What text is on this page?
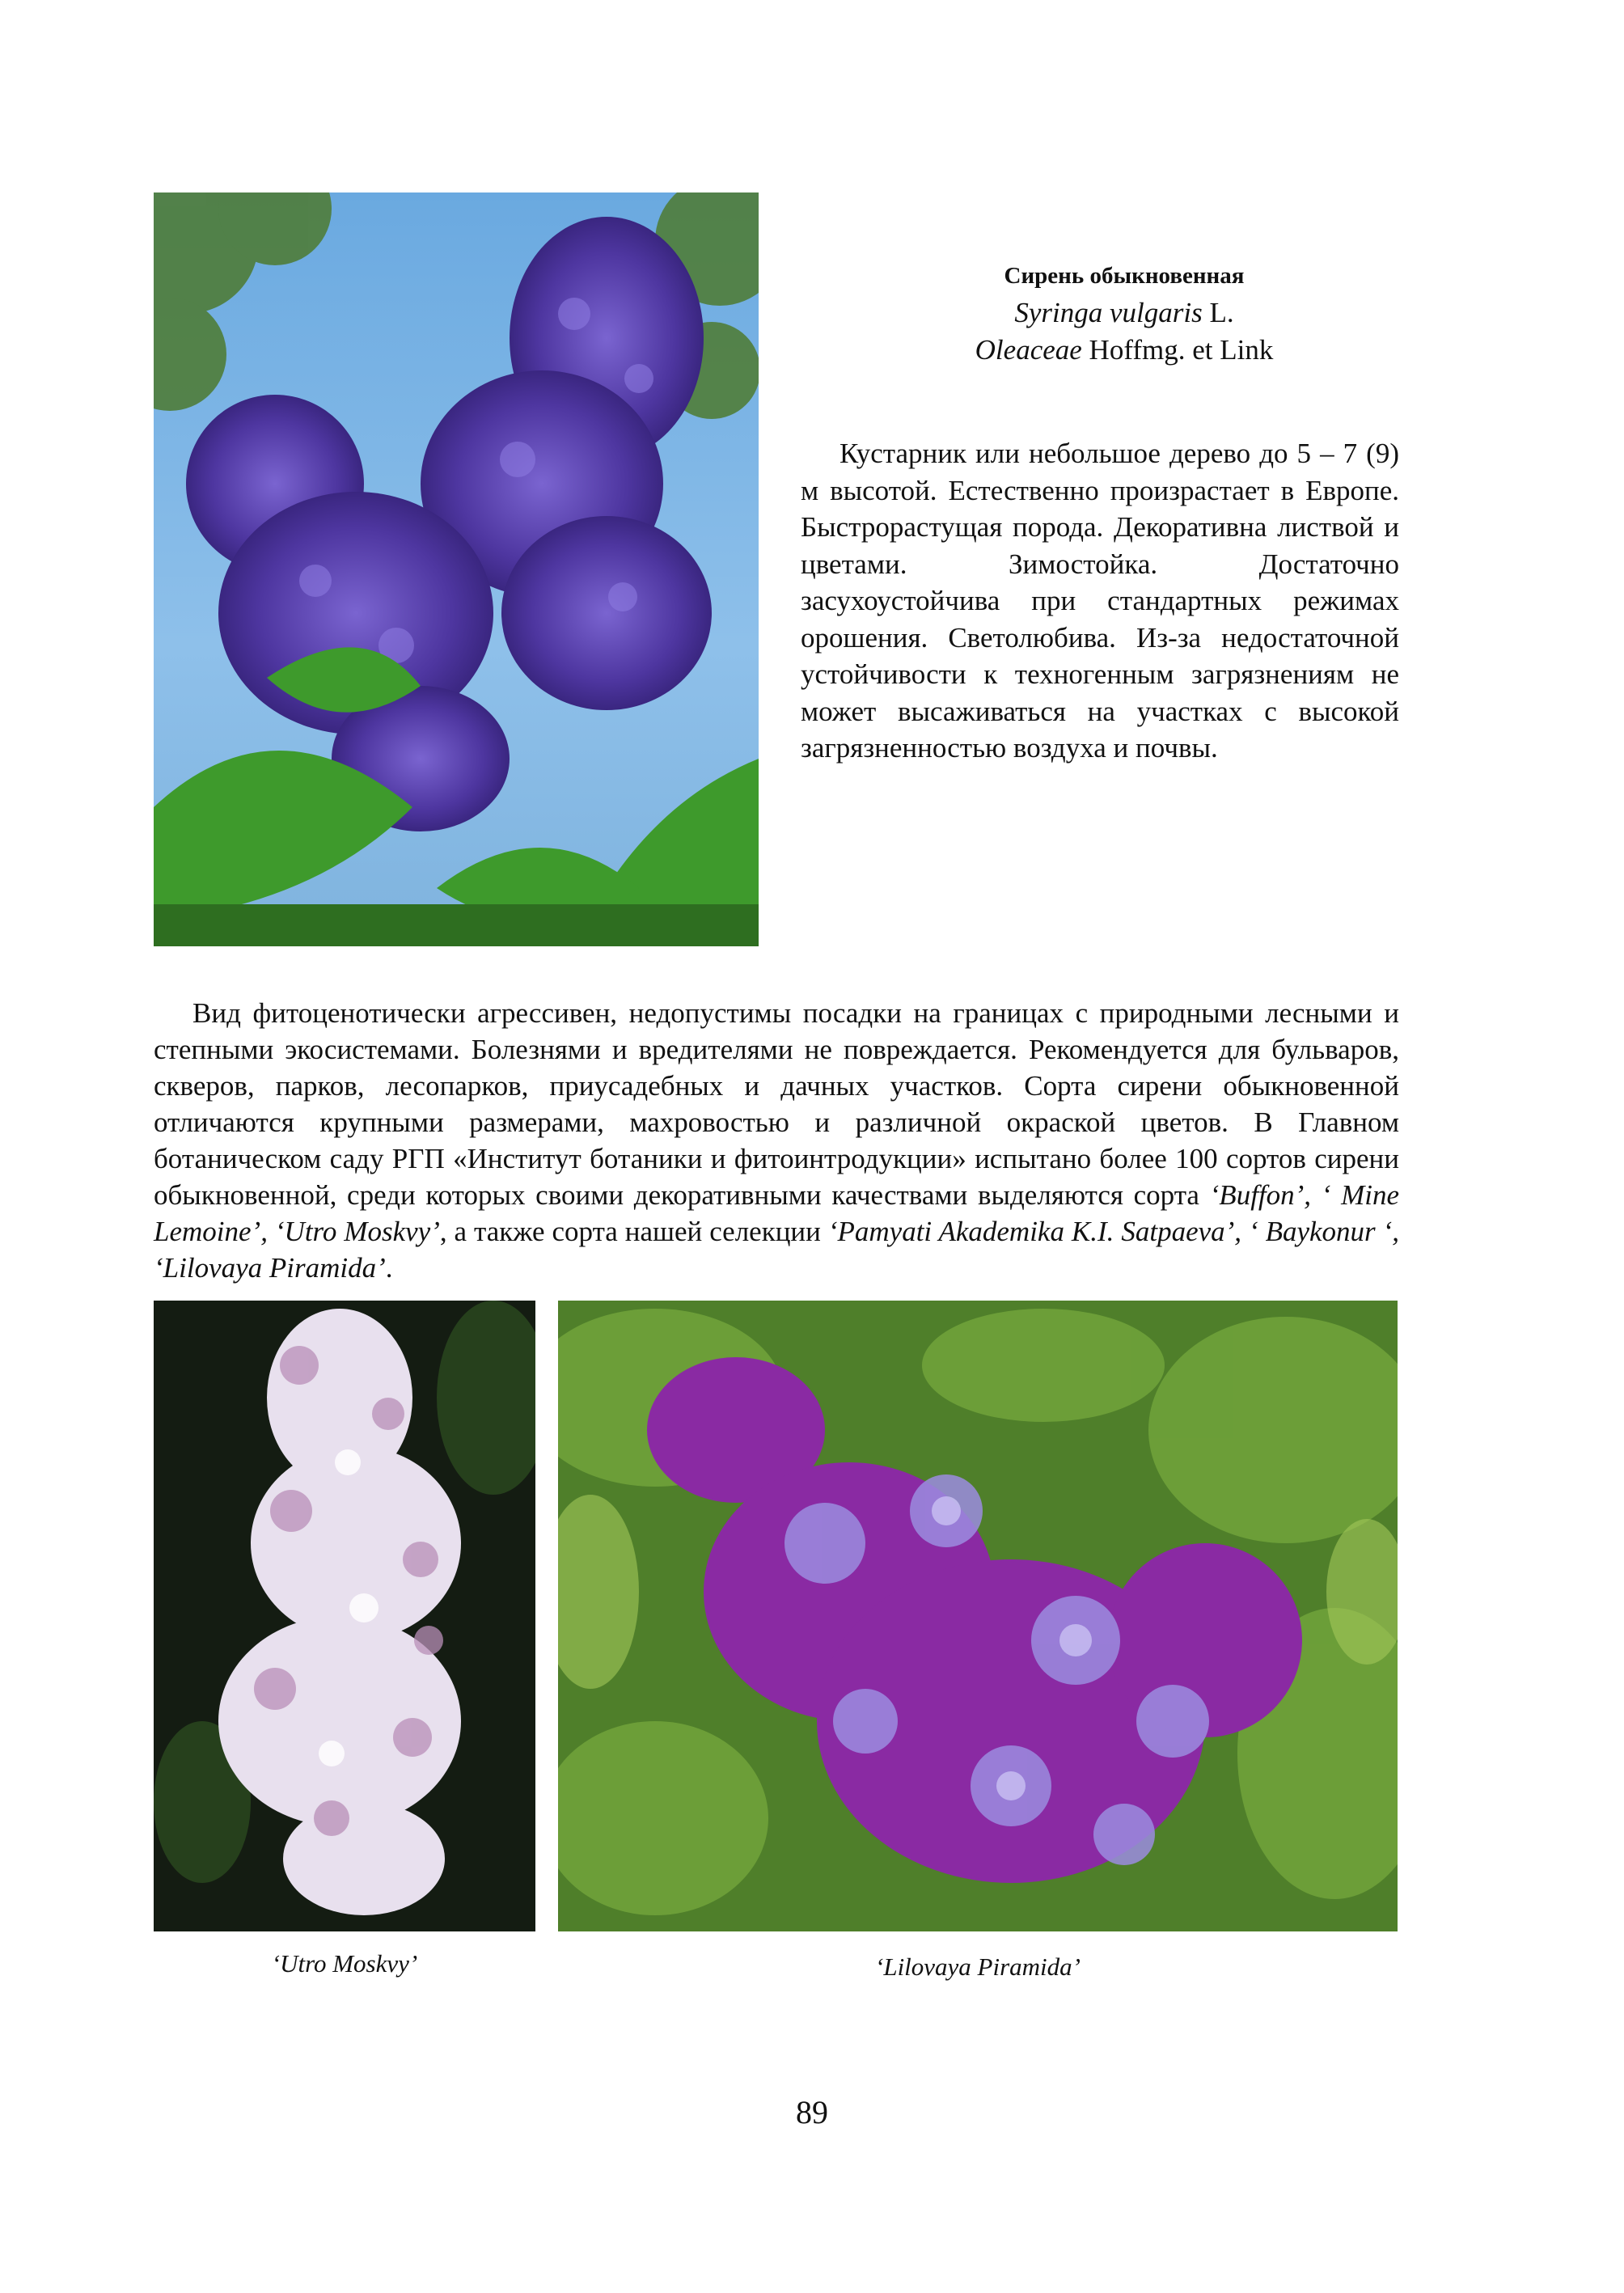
Сирень обыкновенная
Syringa vulgaris L.
Oleaceae Hoffmg. et Link

Кустарник или небольшое дерево до 5 – 7 (9) м высотой. Естественно произрастает в Европе. Быстрорастущая порода. Декоративна листвой и цветами. Зимостойка. Достаточно засухоустойчива при стандартных режимах орошения. Светолюбива. Из-за недостаточной устойчивости к техногенным загрязнениям не может высаживаться на участках с высокой загрязненностью воздуха и почвы.

Вид фитоценотически агрессивен, недопустимы посадки на границах с природными лесными и степными экосистемами. Болезнями и вредителями не повреждается. Рекомендуется для бульваров, скверов, парков, лесопарков, приусадебных и дачных участков. Сорта сирени обыкновенной отличаются крупными размерами, махровостью и различной окраской цветов. В Главном ботаническом саду РГП «Институт ботаники и фитоинтродукции» испытано более 100 сортов сирени обыкновенной, среди которых своими декоративными качествами выделяются сорта ‘Buffon’, ‘ Mine Lemoine’, ‘Utro Moskvy’, а также сорта нашей селекции ‘Pamyati Akademika K.I. Satpaeva’, ‘ Baykonur ‘, ‘Lilovaya Piramida’.

‘Utro Moskvy’	‘Lilovaya Piramida’
89
